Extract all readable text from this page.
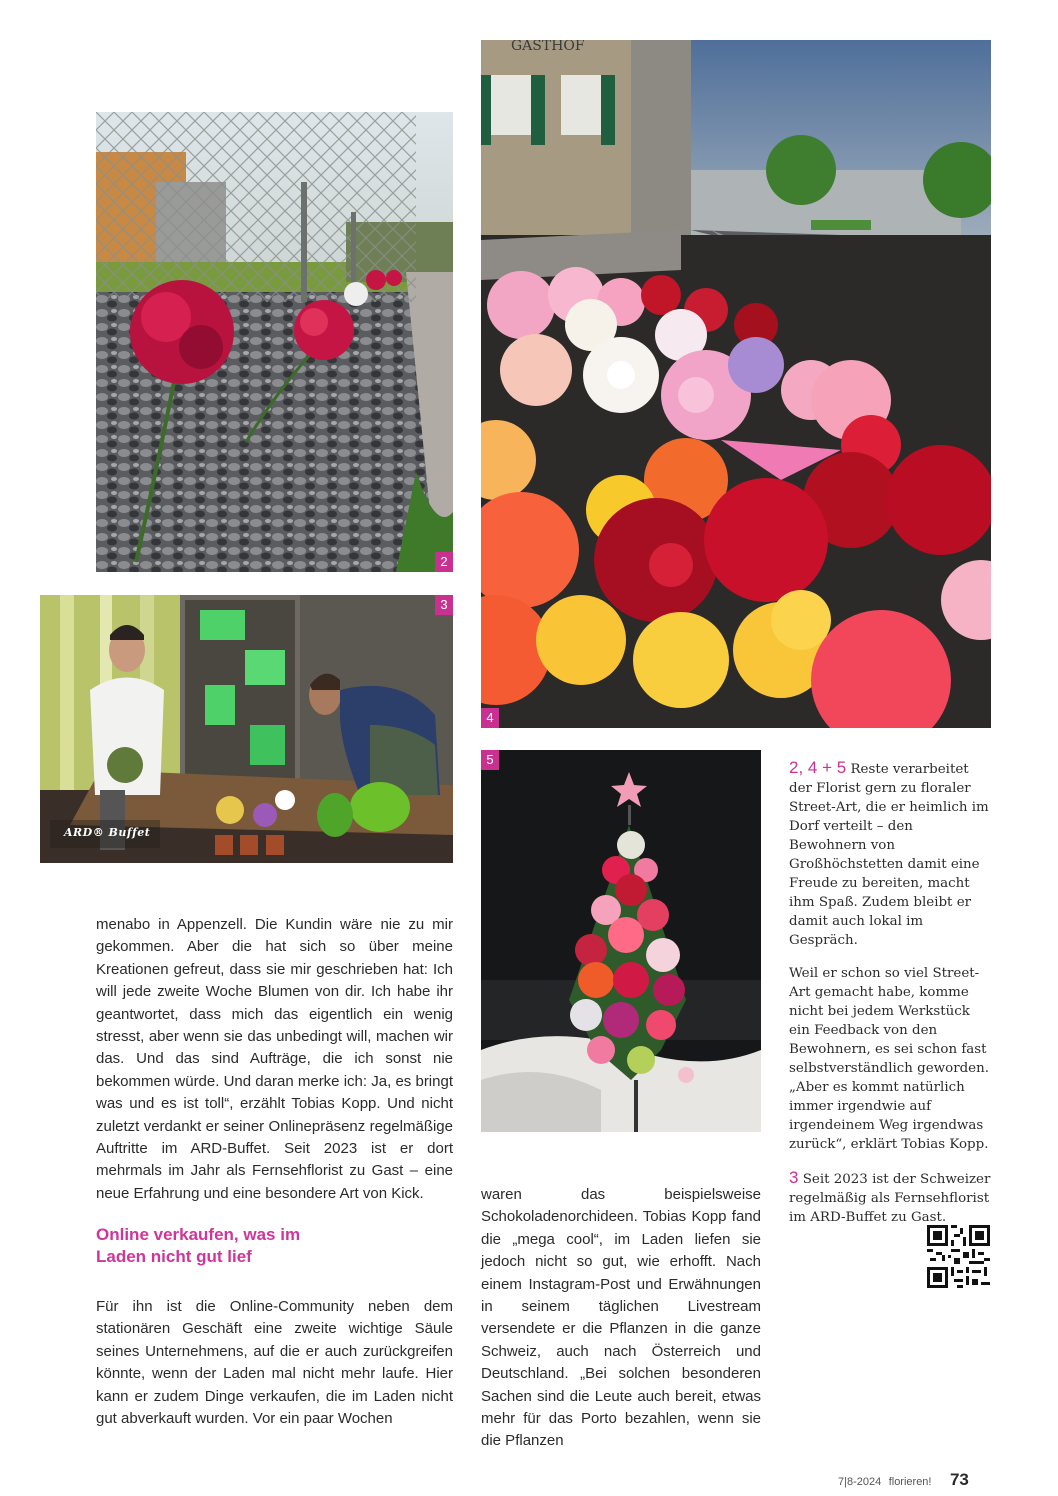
2
ARD® Buffet
3
GASTHOF
4
5

menabo in Appenzell. Die Kundin wäre nie zu mir gekommen. Aber die hat sich so über meine Kreationen gefreut, dass sie mir geschrieben hat: Ich will jede zweite Woche Blumen von dir. Ich habe ihr geantwortet, dass mich das eigentlich ein wenig stresst, aber wenn sie das unbedingt will, machen wir das. Und das sind Aufträge, die ich sonst nie bekommen würde. Und daran merke ich: Ja, es bringt was und es ist toll“, erzählt Tobias Kopp. Und nicht zuletzt verdankt er seiner Onlinepräsenz regelmäßige Auftritte im ARD-Buffet. Seit 2023 ist er dort mehrmals im Jahr als Fernsehflorist zu Gast – eine neue Erfahrung und eine besondere Art von Kick.

Online verkaufen, was im
Laden nicht gut lief

Für ihn ist die Online-Community neben dem stationären Geschäft eine zweite wichtige Säule seines Unternehmens, auf die er auch zurückgreifen könnte, wenn der Laden mal nicht mehr laufe. Hier kann er zudem Dinge verkaufen, die im Laden nicht gut abverkauft wurden. Vor ein paar Wochen

waren das beispielsweise Schokoladenorchideen. Tobias Kopp fand die „mega cool“, im Laden liefen sie jedoch nicht so gut, wie erhofft. Nach einem Instagram-Post und Erwähnungen in seinem täglichen Livestream versendete er die Pflanzen in die ganze Schweiz, auch nach Österreich und Deutschland. „Bei solchen besonderen Sachen sind die Leute auch bereit, etwas mehr für das Porto bezahlen, wenn sie die Pflanzen

2, 4 + 5 Reste verarbeitet der Florist gern zu floraler Street-Art, die er heimlich im Dorf verteilt – den Bewohnern von Großhöchstetten damit eine Freude zu bereiten, macht ihm Spaß. Zudem bleibt er damit auch lokal im Gespräch.

Weil er schon so viel Street-Art gemacht habe, komme nicht bei jedem Werkstück ein Feedback von den Bewohnern, es sei schon fast selbstverständlich geworden. „Aber es kommt natürlich immer irgendwie auf irgendeinem Weg irgendwas zurück“, erklärt Tobias Kopp.

3 Seit 2023 ist der Schweizer regelmäßig als Fernsehflorist im ARD-Buffet zu Gast.

7|8-2024 florieren! 73
